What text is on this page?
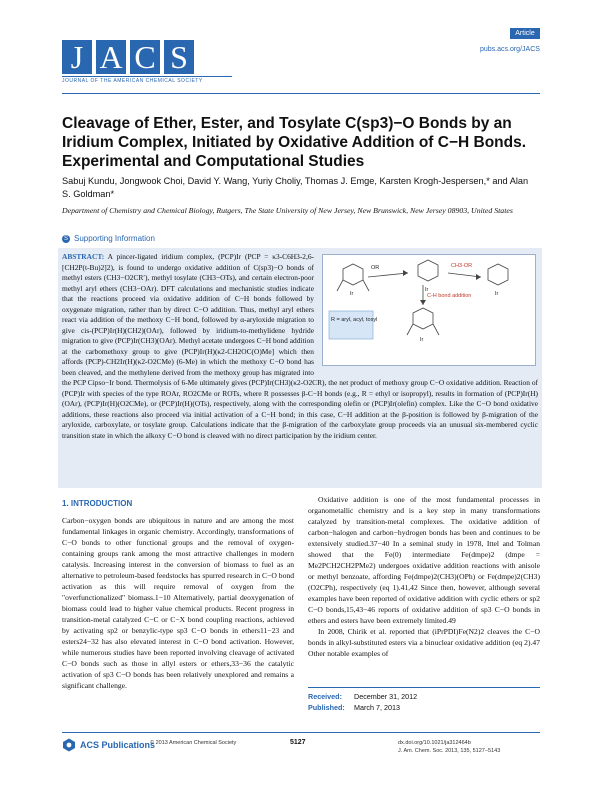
J A C S
JOURNAL OF THE AMERICAN CHEMICAL SOCIETY
Article
pubs.acs.org/JACS
Cleavage of Ether, Ester, and Tosylate C(sp3)−O Bonds by an Iridium Complex, Initiated by Oxidative Addition of C−H Bonds. Experimental and Computational Studies
Sabuj Kundu, Jongwook Choi, David Y. Wang, Yuriy Choliy, Thomas J. Emge, Karsten Krogh-Jespersen,* and Alan S. Goldman*
Department of Chemistry and Chemical Biology, Rutgers, The State University of New Jersey, New Brunswick, New Jersey 08903, United States
S Supporting Information
ABSTRACT: A pincer-ligated iridium complex, (PCP)Ir (PCP = κ3-C6H3-2,6-[CH2P(t-Bu)2]2), is found to undergo oxidative addition of C(sp3)−O bonds of methyl esters (CH3−O2CR′), methyl tosylate (CH3−OTs), and certain electron-poor methyl aryl ethers (CH3−OAr). DFT calculations and mechanistic studies indicate that the reactions proceed via oxidative addition of C−H bonds followed by oxygenate migration, rather than by direct C−O addition. Thus, methyl aryl ethers react via addition of the methoxy C−H bond, followed by α-aryloxide migration to give cis-(PCP)Ir(H)(CH2)(OAr), followed by iridium-to-methylidene hydride migration to give (PCP)Ir(CH3)(OAr). Methyl acetate undergoes C−H bond addition at the carbomethoxy group to give (PCP)Ir(H)(κ2-CH2OC(O)Me] which then affords (PCP)-CH2Ir(H)(κ2-O2CMe) (6-Me) in which the methoxy C−O bond has been cleaved, and the methylene derived from the methoxy group has migrated into the PCP Cipso−Ir bond. Thermolysis of 6-Me ultimately gives (PCP)Ir(CH3)(κ2-O2CR), the net product of methoxy group C−O oxidative addition. Reaction of (PCP)Ir with species of the type ROAr, RO2CMe or ROTs, where R possesses β-C−H bonds (e.g., R = ethyl or isopropyl), results in formation of (PCP)Ir(H)(OAr), (PCP)Ir(H)(O2CMe), or (PCP)Ir(H)(OTs), respectively, along with the corresponding olefin or (PCP)Ir(olefin) complex. Like the C−O bond oxidative additions, these reactions also proceed via initial activation of a C−H bond; in this case, C−H addition at the β-position is followed by β-migration of the aryloxide, carboxylate, or tosylate group. Calculations indicate that the β-migration of the carboxylate group proceeds via an unusual six-membered cyclic transition state in which the alkoxy C−O bond is cleaved with no direct participation by the iridium center.
OR	CH3-OR
C-H bond addition
R = aryl, acyl, tosyl
Ir
Ir
Ir
Ir
1. INTRODUCTION

Carbon−oxygen bonds are ubiquitous in nature and are among the most fundamental linkages in organic chemistry. Accordingly, transformations of C−O bonds to other functional groups and the removal of oxygen-containing groups rank among the most attractive challenges in modern catalysis. Increasing interest in the conversion of biomass to fuel as an alternative to petroleum-based feedstocks has spurred research in C−O bond activation as this will require removal of oxygen from the "overfunctionalized" biomass.1−10 Alternatively, partial deoxygenation of biomass could lead to higher value chemical products. Recent progress in transition-metal catalyzed C−C or C−X bond coupling reactions, achieved by activating sp2 or benzylic-type sp3 C−O bonds in ethers11−23 and esters24−32 has also elevated interest in C−O bond activation. However, while numerous studies have been reported involving cleavage of activated C−O bonds such as those in allyl esters or ethers,33−36 the catalytic activation of sp3 C−O bonds has been relatively unexplored and remains a significant challenge.

Oxidative addition is one of the most fundamental processes in organometallic chemistry and is a key step in many transformations catalyzed by transition-metal complexes. The oxidative addition of carbon−halogen and carbon−hydrogen bonds has been and continues to be extensively studied.37−40 In a seminal study in 1978, Ittel and Tolman showed that the Fe(0) intermediate Fe(dmpe)2 (dmpe = Me2PCH2CH2PMe2) undergoes oxidative addition reactions with anisole or methyl benzoate, affording Fe(dmpe)2(CH3)(OPh) or Fe(dmpe)2(CH3)(O2CPh), respectively (eq 1).41,42 Since then, however, although several examples have been reported of oxidative addition with cyclic ethers or sp2 C−O bonds,15,43−46 reports of oxidative addition of sp3 C−O bonds in ethers and esters have been extremely limited.49

In 2008, Chirik et al. reported that (iPrPDI)Fe(N2)2 cleaves the C−O bonds in alkyl-substituted esters via a binuclear oxidative addition (eq 2).47 Other notable examples of

Received: December 31, 2012
Published: March 7, 2013
ACS Publications
© 2013 American Chemical Society	5127	dx.doi.org/10.1021/ja312464b
J. Am. Chem. Soc. 2013, 135, 5127−5143
